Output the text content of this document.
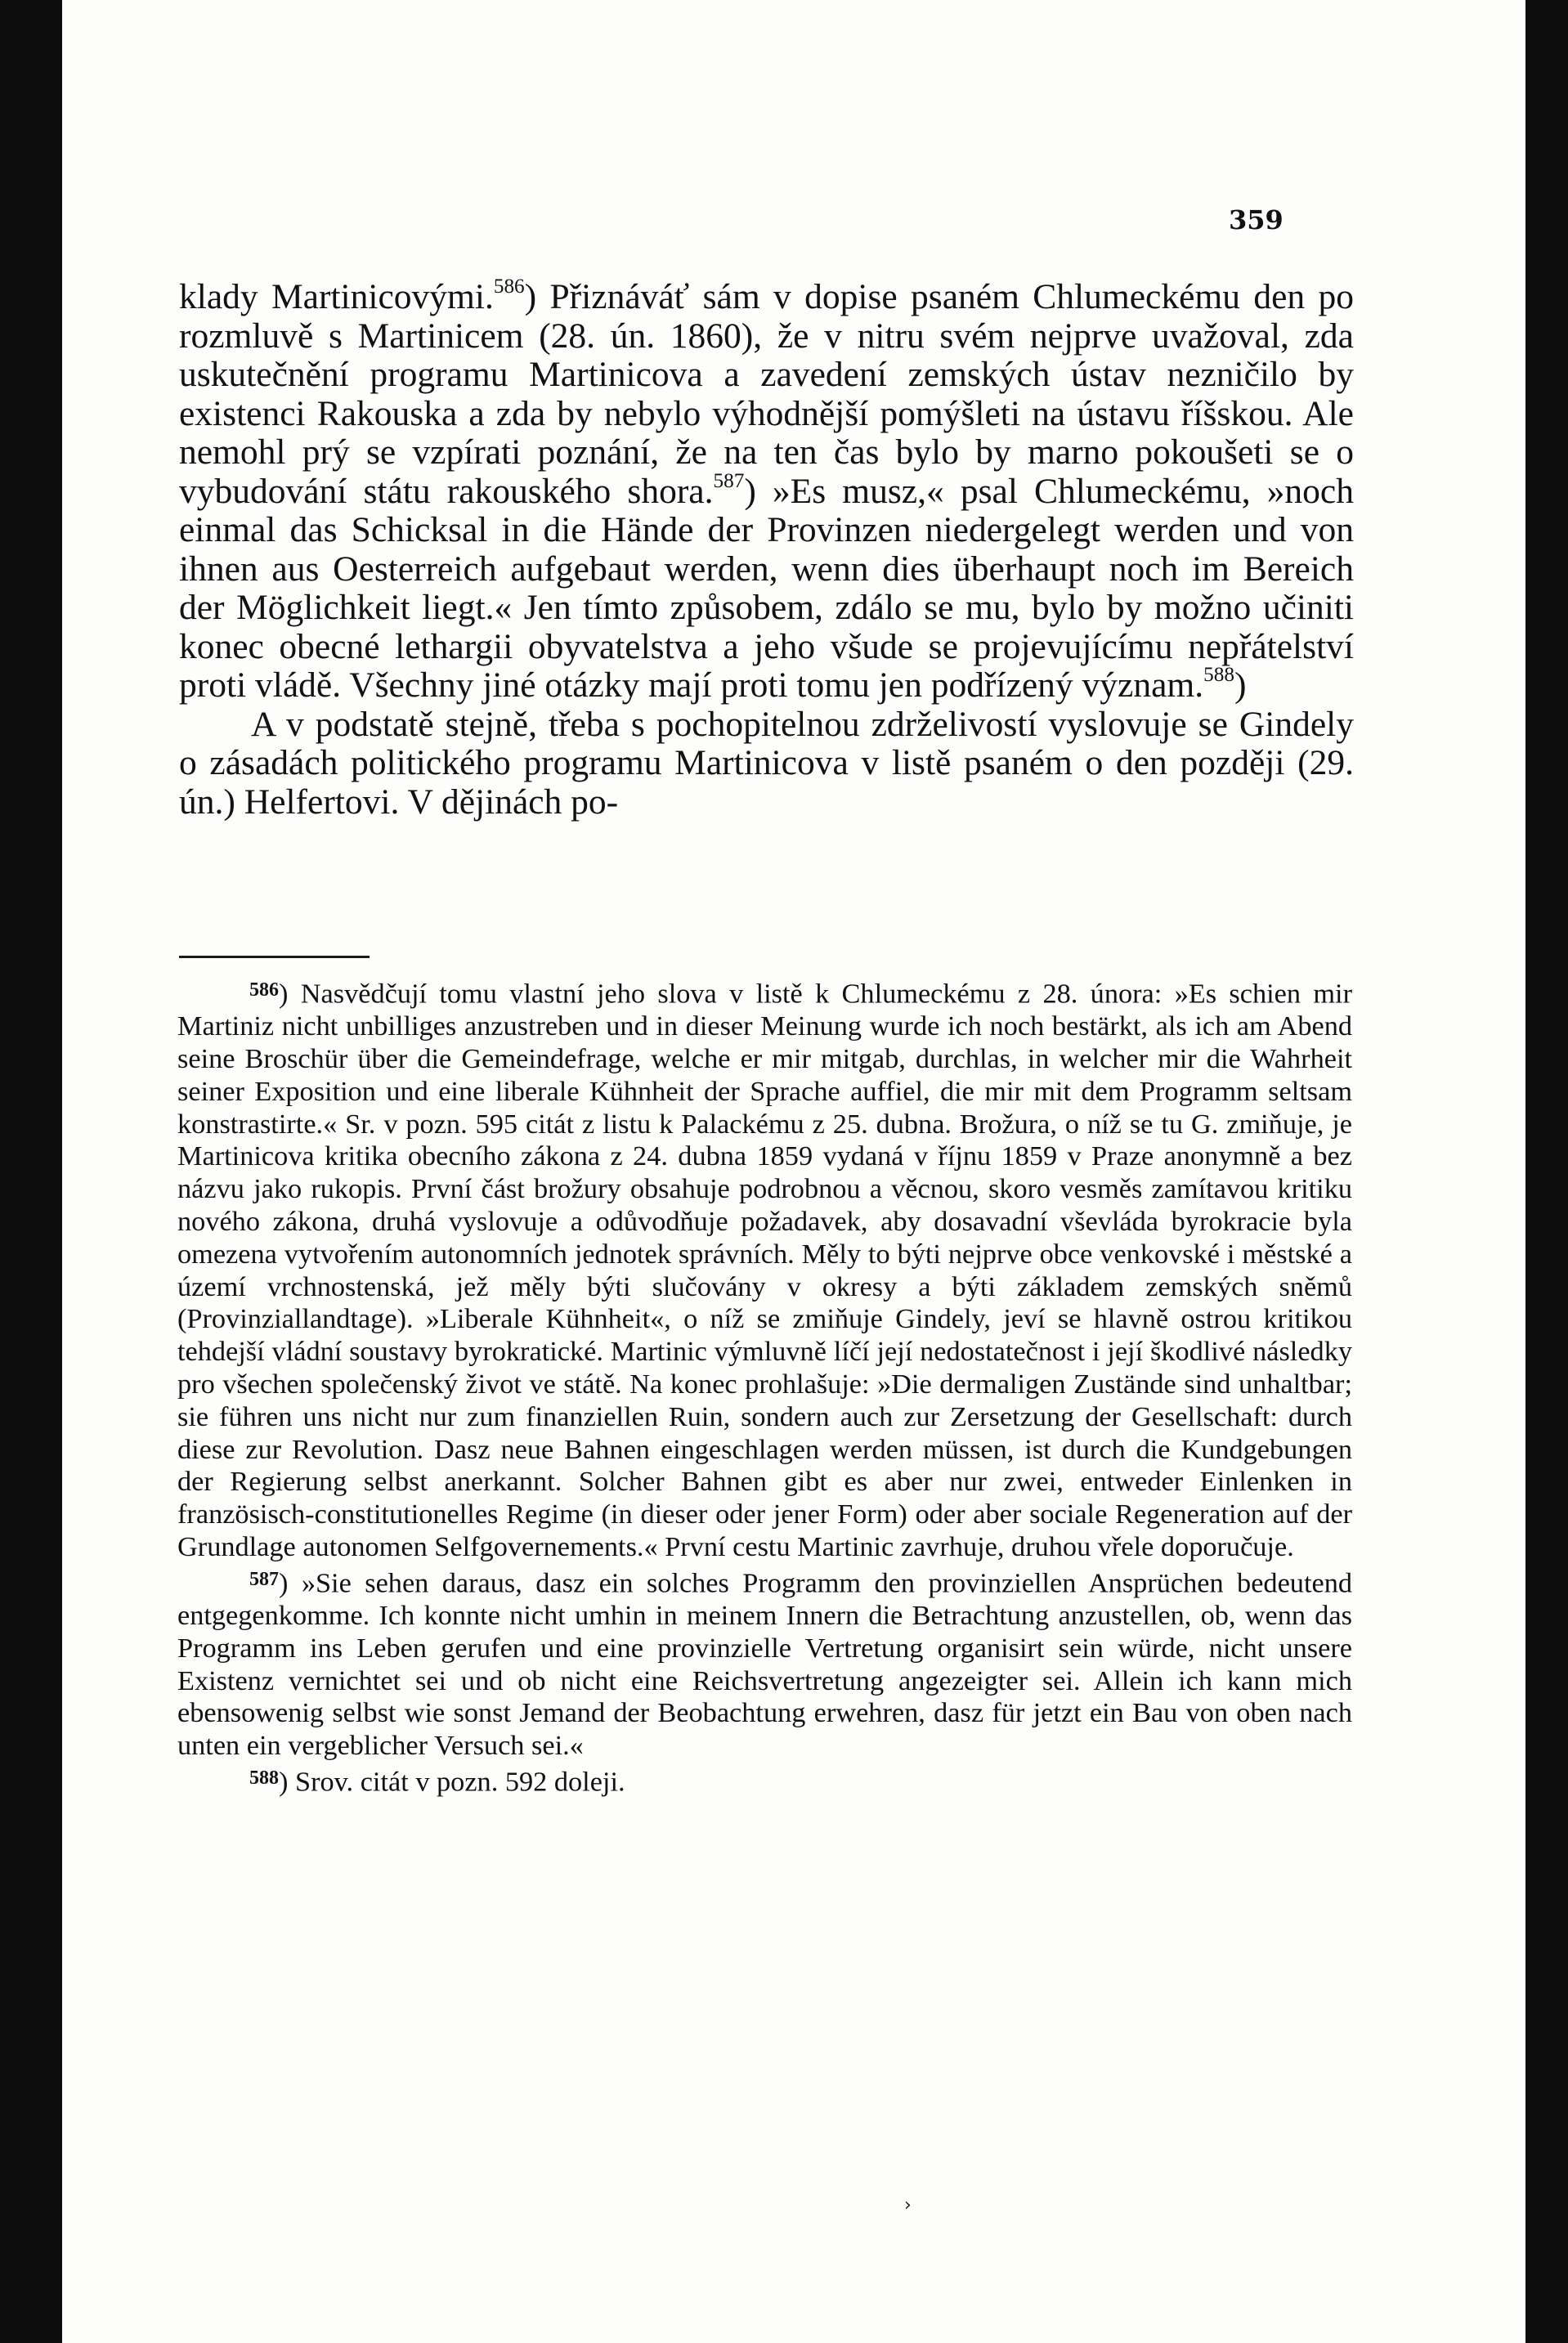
359

klady Martinicovými.$^{586}$) Přiznáváť sám v dopise psaném Chlumeckému den po rozmluvě s Martinicem (28. ún. 1860), že v nitru svém nejprve uvažoval, zda uskutečnění programu Martinicova a zavedení zemských ústav nezničilo by existenci Rakouska a zda by nebylo výhodnější pomýšleti na ústavu říšskou. Ale nemohl prý se vzpírati poznání, že na ten čas bylo by marno pokoušeti se o vybudování státu rakouského shora.$^{587}$) »Es musz,« psal Chlumeckému, »noch einmal das Schicksal in die Hände der Provinzen niedergelegt werden und von ihnen aus Oesterreich aufgebaut werden, wenn dies überhaupt noch im Bereich der Möglichkeit liegt.« Jen tímto způsobem, zdálo se mu, bylo by možno učiniti konec obecné lethargii obyvatelstva a jeho všude se projevujícímu nepřátelství proti vládě. Všechny jiné otázky mají proti tomu jen podřízený význam.$^{588}$)

A v podstatě stejně, třeba s pochopitelnou zdrželivostí vyslovuje se Gindely o zásadách politického programu Martinicova v listě psaném o den později (29. ún.) Helfertovi. V dějinách po-

$^{586}$) Nasvědčují tomu vlastní jeho slova v listě k Chlumeckému z 28. února: »Es schien mir Martiniz nicht unbilliges anzustreben und in dieser Meinung wurde ich noch bestärkt, als ich am Abend seine Broschür über die Gemeindefrage, welche er mir mitgab, durchlas, in welcher mir die Wahrheit seiner Exposition und eine liberale Kühnheit der Sprache auffiel, die mir mit dem Programm seltsam konstrastirte.« Sr. v pozn. 595 citát z listu k Palackému z 25. dubna. Brožura, o níž se tu G. zmiňuje, je Martinicova kritika obecního zákona z 24. dubna 1859 vydaná v říjnu 1859 v Praze anonymně a bez názvu jako rukopis. První část brožury obsahuje podrobnou a věcnou, skoro vesměs zamítavou kritiku nového zákona, druhá vyslovuje a odůvodňuje požadavek, aby dosavadní vševláda byrokracie byla omezena vytvořením autonomních jednotek správních. Měly to býti nejprve obce venkovské i městské a území vrchnostenská, jež měly býti slučovány v okresy a býti základem zemských sněmů (Provinziallandtage). »Liberale Kühnheit«, o níž se zmiňuje Gindely, jeví se hlavně ostrou kritikou tehdejší vládní soustavy byrokratické. Martinic výmluvně líčí její nedostatečnost i její škodlivé následky pro všechen společenský život ve státě. Na konec prohlašuje: »Die dermaligen Zustände sind unhaltbar; sie führen uns nicht nur zum finanziellen Ruin, sondern auch zur Zersetzung der Gesellschaft: durch diese zur Revolution. Dasz neue Bahnen eingeschlagen werden müssen, ist durch die Kundgebungen der Regierung selbst anerkannt. Solcher Bahnen gibt es aber nur zwei, entweder Einlenken in französisch-constitutionelles Regime (in dieser oder jener Form) oder aber sociale Regeneration auf der Grundlage autonomen Selfgovernements.« První cestu Martinic zavrhuje, druhou vřele doporučuje.

$^{587}$) »Sie sehen daraus, dasz ein solches Programm den provinziellen Ansprüchen bedeutend entgegenkomme. Ich konnte nicht umhin in meinem Innern die Betrachtung anzustellen, ob, wenn das Programm ins Leben gerufen und eine provinzielle Vertretung organisirt sein würde, nicht unsere Existenz vernichtet sei und ob nicht eine Reichsvertretung angezeigter sei. Allein ich kann mich ebensowenig selbst wie sonst Jemand der Beobachtung erwehren, dasz für jetzt ein Bau von oben nach unten ein vergeblicher Versuch sei.«

$^{588}$) Srov. citát v pozn. 592 doleji.

›
